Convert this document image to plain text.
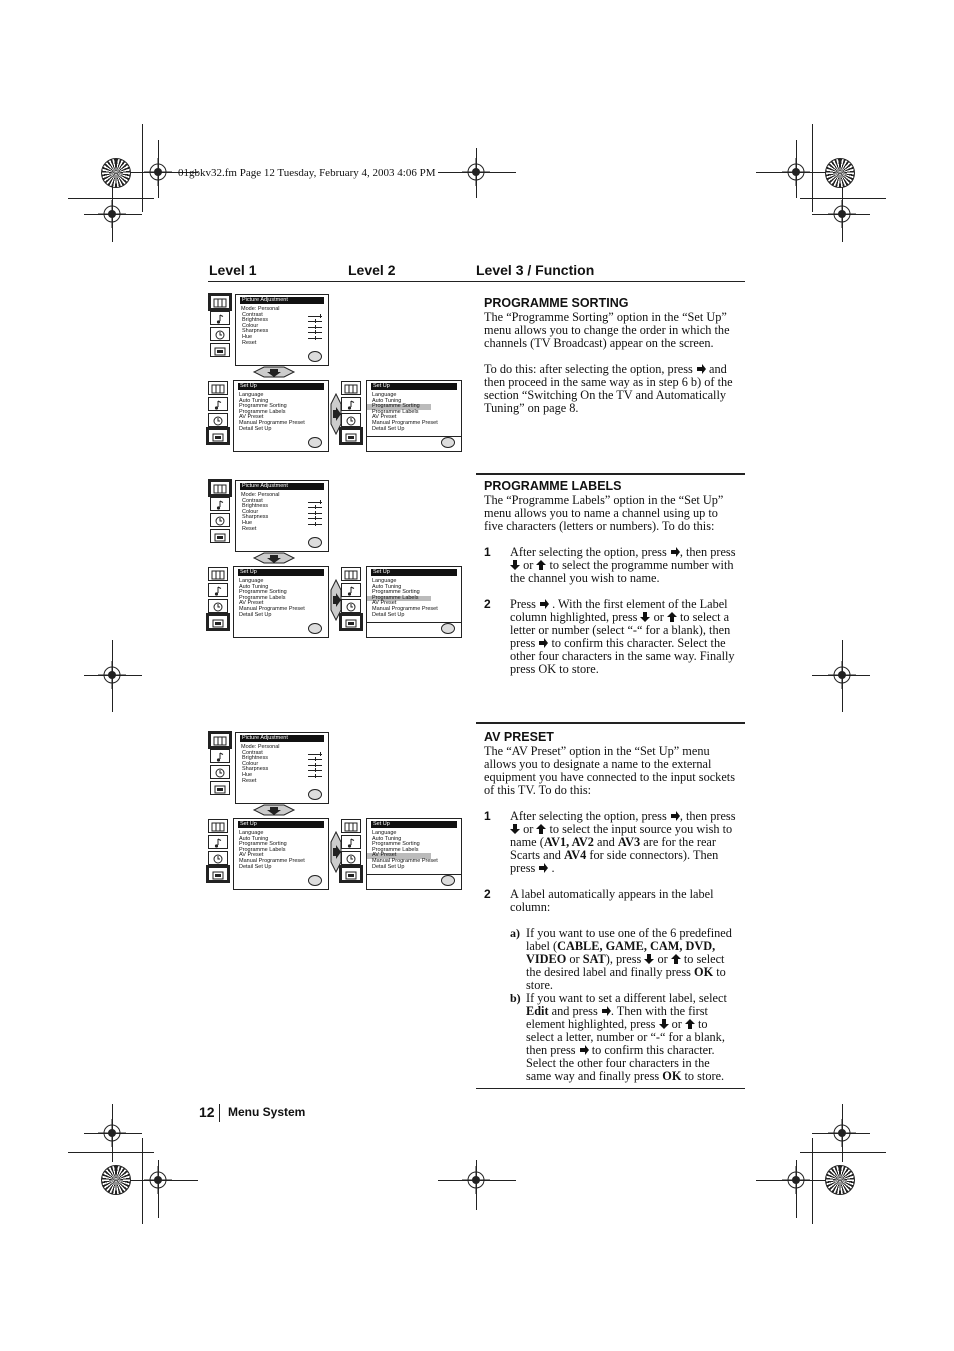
01gbkv32.fm Page 12 Tuesday, February 4, 2003 4:06 PM
Level 1	Level 2	Level 3 / Function
Picture Adjustment
Mode: Personal
Contrast
Brightness
Colour
Sharpness
Hue
Reset
Set Up
Language
Auto Tuning
Programme Sorting
Programme Labels
AV Preset
Manual Programme Preset
Detail Set Up
Set Up
Language
Auto Tuning
Programme Sorting
Programme Labels
AV Preset
Manual Programme Preset
Detail Set Up
Picture Adjustment
Mode: Personal
Contrast
Brightness
Colour
Sharpness
Hue
Reset
Set Up
Language
Auto Tuning
Programme Sorting
Programme Labels
AV Preset
Manual Programme Preset
Detail Set Up
Set Up
Language
Auto Tuning
Programme Sorting
Programme Labels
AV Preset
Manual Programme Preset
Detail Set Up
Picture Adjustment
Mode: Personal
Contrast
Brightness
Colour
Sharpness
Hue
Reset
Set Up
Language
Auto Tuning
Programme Sorting
Programme Labels
AV Preset
Manual Programme Preset
Detail Set Up
Set Up
Language
Auto Tuning
Programme Sorting
Programme Labels
AV Preset
Manual Programme Preset
Detail Set Up
PROGRAMME SORTING

The “Programme Sorting” option in the “Set Up” menu allows you to change the order in which the channels (TV Broadcast) appear on the screen.

To do this: after selecting the option, press and then proceed in the same way as in step 6 b) of the section “Switching On the TV and Automatically Tuning” on page 8.

PROGRAMME LABELS

The “Programme Labels” option in the “Set Up” menu allows you to name a channel using up to five characters (letters or numbers). To do this:

1 After selecting the option, press , then press  or to select the programme number with the channel you wish to name.
2 Press . With the first element of the Label column highlighted, press or to select a letter or number (select “-“ for a blank), then press to confirm this character. Select the other four characters in the same way. Finally press OK to store.
AV PRESET

The “AV Preset” option in the “Set Up” menu allows you to designate a name to the external equipment you have connected to the input sockets of this TV. To do this:

1 After selecting the option, press , then press  or to select the input source you wish to name (AV1, AV2 and AV3 are for the rear Scarts and AV4 for side connectors). Then press .
2 A label automatically appears in the label column:
a) If you want to use one of the 6 predefined label (CABLE, GAME, CAM, DVD, VIDEO or SAT), press or to select the desired label and finally press OK to store.
b) If you want to set a different label, select Edit and press . Then with the first element highlighted, press or to select a letter, number or “-“ for a blank, then press to confirm this character. Select the other four characters in the same way and finally press OK to store.
12 Menu System
